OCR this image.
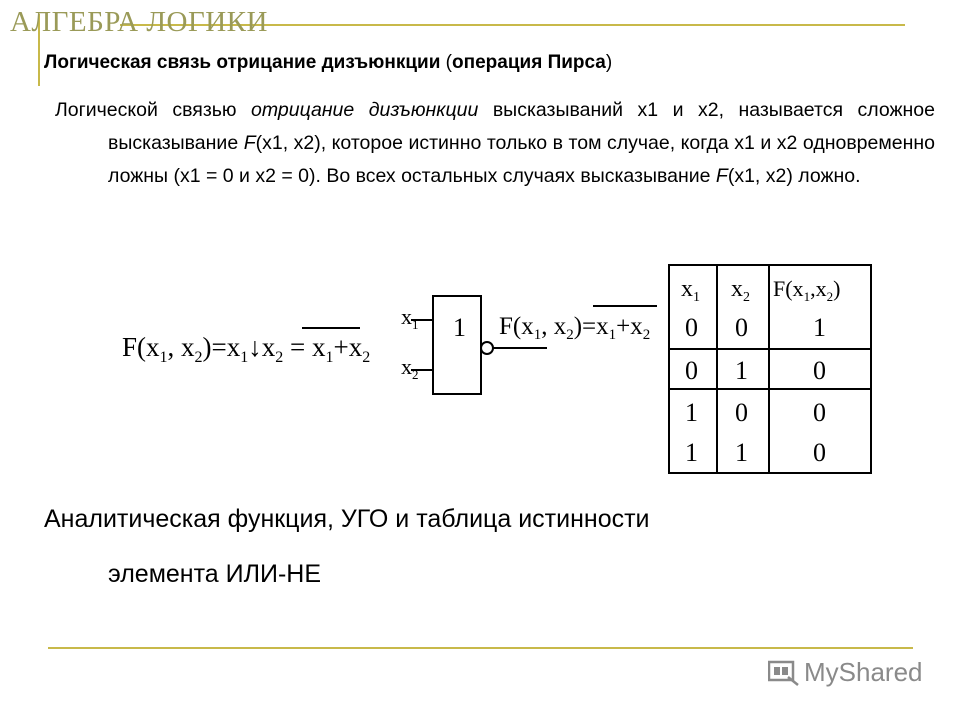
АЛГЕБРА ЛОГИКИ
Логическая связь отрицание дизъюнкции (операция Пирса)
Логической связью отрицание дизъюнкции высказываний x1 и x2, называется сложное высказывание F(x1, x2), которое истинно только в том случае, когда x1 и x2 одновременно ложны (x1 = 0 и x2 = 0). Во всех остальных случаях высказывание F(x1, x2) ложно.
$F(x_1$, $x_2)=x_1↓x_2 = x_1+x_2$
$x_1$
$x_2$
1 $F(x_1$, $x_2)=x_1+x_2$
$x_1$ $x_2$ $F(x_1,x_2)$
0 0	1
0 1	0
1 0	0
1 1	0
Аналитическая функция, УГО и таблица истинности
элемента ИЛИ-НЕ
MyShared
